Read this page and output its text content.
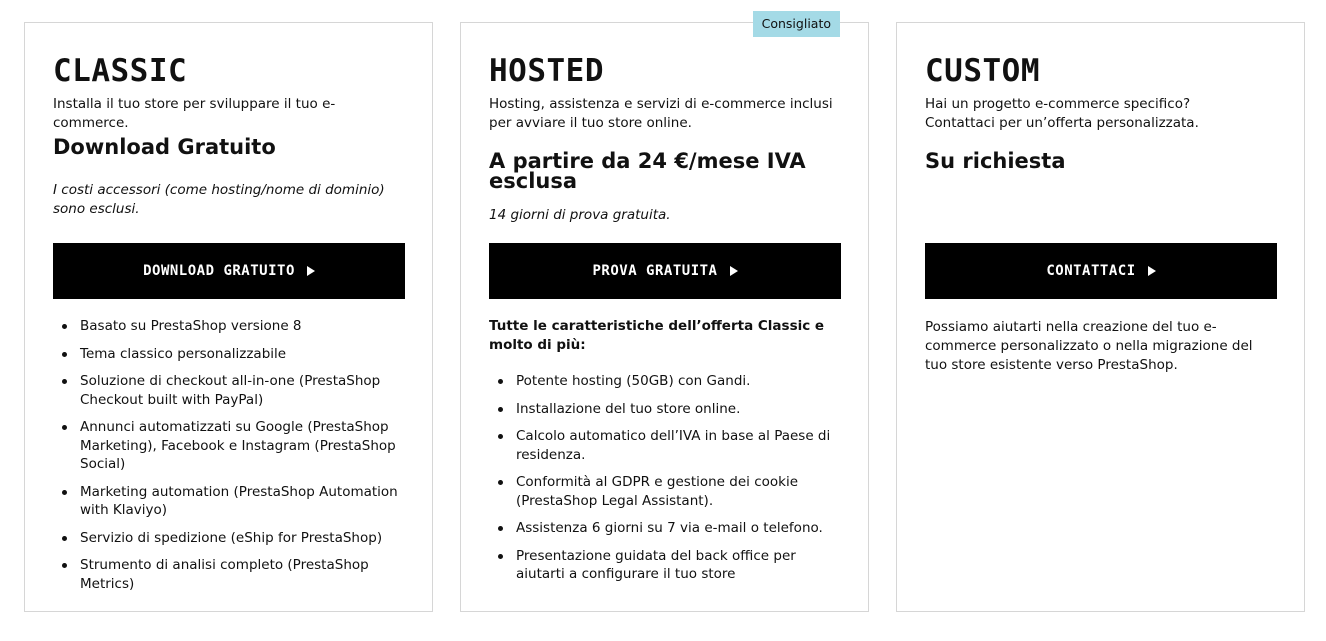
CLASSIC

Installa il tuo store per sviluppare il tuo e-commerce.

Download Gratuito

I costi accessori (come hosting/nome di dominio) sono esclusi.

DOWNLOAD GRATUITO
Basato su PrestaShop versione 8
Tema classico personalizzabile
Soluzione di checkout all-in-one (PrestaShop Checkout built with PayPal)
Annunci automatizzati su Google (PrestaShop Marketing), Facebook e Instagram (PrestaShop Social)
Marketing automation (PrestaShop Automation with Klaviyo)
Servizio di spedizione (eShip for PrestaShop)
Strumento di analisi completo (PrestaShop Metrics)
Consigliato
HOSTED

Hosting, assistenza e servizi di e-commerce inclusi per avviare il tuo store online.

A partire da 24 €/mese IVA esclusa

14 giorni di prova gratuita.

PROVA GRATUITA

Tutte le caratteristiche dell’offerta Classic e molto di più:

Potente hosting (50GB) con Gandi.
Installazione del tuo store online.
Calcolo automatico dell’IVA in base al Paese di residenza.
Conformità al GDPR e gestione dei cookie (PrestaShop Legal Assistant).
Assistenza 6 giorni su 7 via e-mail o telefono.
Presentazione guidata del back office per aiutarti a configurare il tuo store
CUSTOM

Hai un progetto e-commerce specifico?
Contattaci per un’offerta personalizzata.

Su richiesta
CONTATTACI

Possiamo aiutarti nella creazione del tuo e-commerce personalizzato o nella migrazione del tuo store esistente verso PrestaShop.
